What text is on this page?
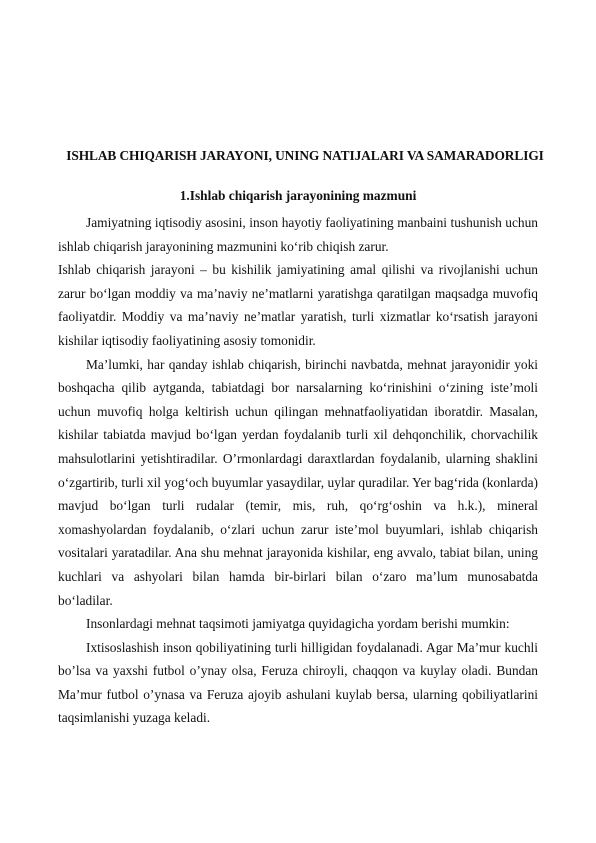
ISHLAB CHIQARISH JARAYONI, UNING NATIJALARI VA SAMARADORLIGI
1.Ishlab chiqarish jarayonining mazmuni

Jamiyatning iqtisodiy asosini, inson hayotiy faoliyatining manbaini tushunish uchun ishlab chiqarish jarayonining mazmunini ko‘rib chiqish zarur.

Ishlab chiqarish jarayoni – bu kishilik jamiyatining amal qilishi va rivojlanishi uchun zarur bo‘lgan moddiy va ma’naviy ne’matlarni yaratishga qaratilgan maqsadga muvofiq faoliyatdir. Moddiy va ma’naviy ne’matlar yaratish, turli xizmatlar ko‘rsatish jarayoni kishilar iqtisodiy faoliyatining asosiy tomonidir.

Ma’lumki, har qanday ishlab chiqarish, birinchi navbatda, mehnat jarayonidir yoki boshqacha qilib aytganda, tabiatdagi bor narsalarning ko‘rinishini o‘zining iste’moli uchun muvofiq holga keltirish uchun qilingan mehnatfaoliyatidan iboratdir. Masalan, kishilar tabiatda mavjud bo‘lgan yerdan foydalanib turli xil dehqonchilik, chorvachilik mahsulotlarini yetishtiradilar. O’rmonlardagi daraxtlardan foydalanib, ularning shaklini o‘zgartirib, turli xil yog‘och buyumlar yasaydilar, uylar quradilar. Yer bag‘rida (konlarda) mavjud bo‘lgan turli rudalar (temir, mis, ruh, qo‘rg‘oshin va h.k.), mineral xomashyolardan foydalanib, o‘zlari uchun zarur iste’mol buyumlari, ishlab chiqarish vositalari yaratadilar. Ana shu mehnat jarayonida kishilar, eng avvalo, tabiat bilan, uning kuchlari va ashyolari bilan hamda bir-birlari bilan o‘zaro ma’lum munosabatda bo‘ladilar.

Insonlardagi mehnat taqsimoti jamiyatga quyidagicha yordam berishi mumkin:

Ixtisoslashish inson qobiliyatining turli hilligidan foydalanadi. Agar Ma’mur kuchli bo’lsa va yaxshi futbol o’ynay olsa, Feruza chiroyli, chaqqon va kuylay oladi. Bundan Ma’mur futbol o’ynasa va Feruza ajoyib ashulani kuylab bersa, ularning qobiliyatlarini taqsimlanishi yuzaga keladi.
